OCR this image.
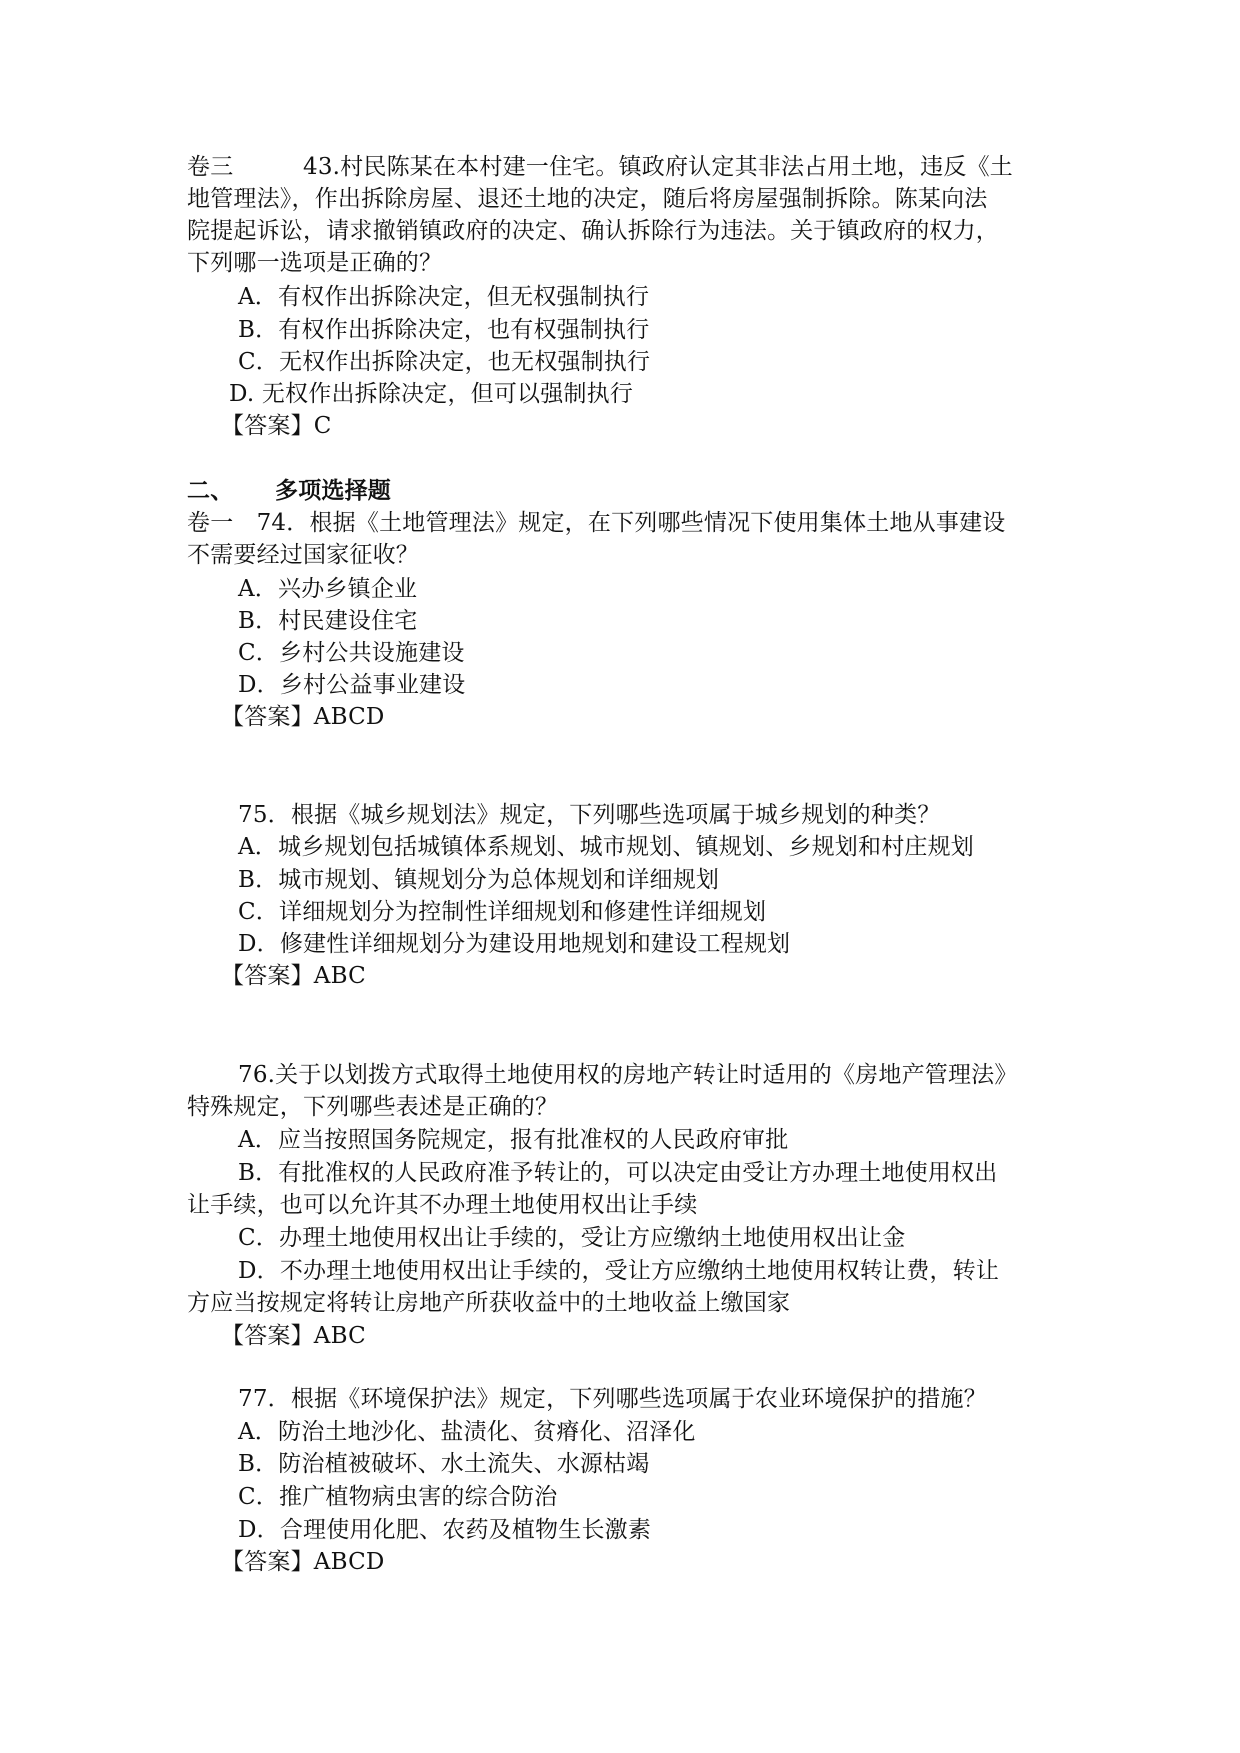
卷三　　　43.村民陈某在本村建一住宅。镇政府认定其非法占用土地，违反《土
地管理法》，作出拆除房屋、退还土地的决定，随后将房屋强制拆除。陈某向法
院提起诉讼，请求撤销镇政府的决定、确认拆除行为违法。关于镇政府的权力，
下列哪一选项是正确的？
A．有权作出拆除决定，但无权强制执行
B．有权作出拆除决定，也有权强制执行
C．无权作出拆除决定，也无权强制执行
D. 无权作出拆除决定，但可以强制执行
【答案】C
二、 多项选择题
卷一　74．根据《土地管理法》规定，在下列哪些情况下使用集体土地从事建设
不需要经过国家征收？
A．兴办乡镇企业
B．村民建设住宅
C．乡村公共设施建设
D．乡村公益事业建设
【答案】ABCD
75．根据《城乡规划法》规定，下列哪些选项属于城乡规划的种类？
A．城乡规划包括城镇体系规划、城市规划、镇规划、乡规划和村庄规划
B．城市规划、镇规划分为总体规划和详细规划
C．详细规划分为控制性详细规划和修建性详细规划
D．修建性详细规划分为建设用地规划和建设工程规划
【答案】ABC
76.关于以划拨方式取得土地使用权的房地产转让时适用的《房地产管理法》
特殊规定，下列哪些表述是正确的？
A．应当按照国务院规定，报有批准权的人民政府审批
B．有批准权的人民政府准予转让的，可以决定由受让方办理土地使用权出
让手续，也可以允许其不办理土地使用权出让手续
C．办理土地使用权出让手续的，受让方应缴纳土地使用权出让金
D．不办理土地使用权出让手续的，受让方应缴纳土地使用权转让费，转让
方应当按规定将转让房地产所获收益中的土地收益上缴国家
【答案】ABC
77．根据《环境保护法》规定，下列哪些选项属于农业环境保护的措施？
A．防治土地沙化、盐渍化、贫瘠化、沼泽化
B．防治植被破坏、水土流失、水源枯竭
C．推广植物病虫害的综合防治
D．合理使用化肥、农药及植物生长激素
【答案】ABCD
